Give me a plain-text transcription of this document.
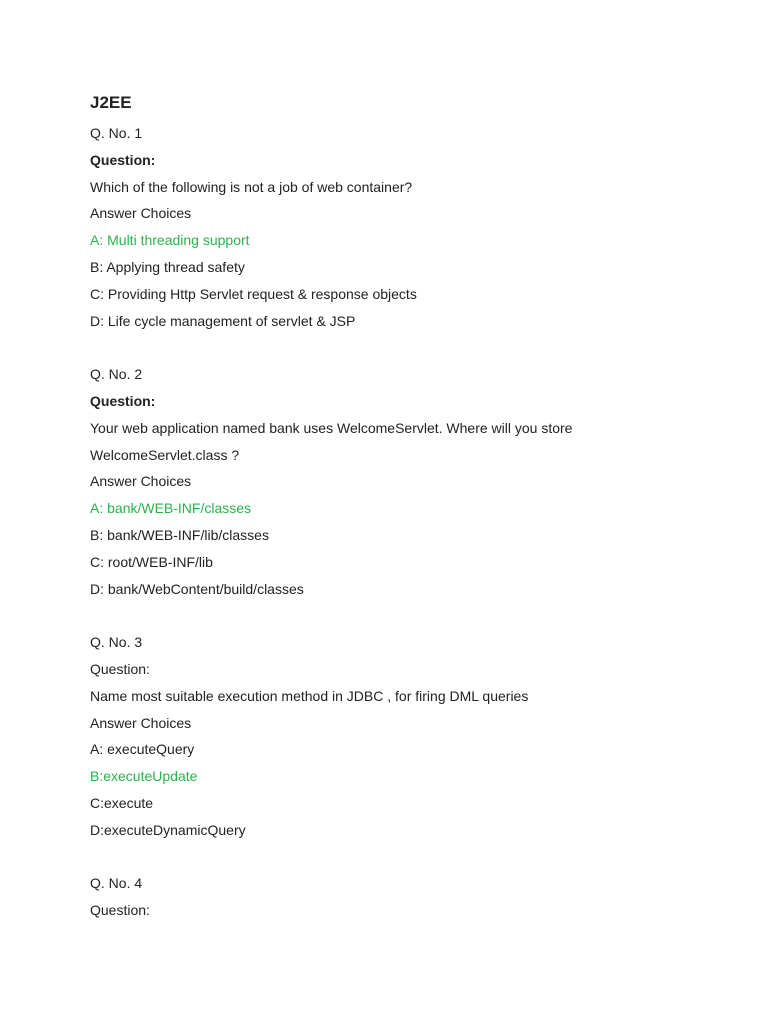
J2EE
Q. No. 1
Question:
Which of the following is not a job of web container?
Answer Choices
A: Multi threading support
B: Applying thread safety
C: Providing Http Servlet request & response objects
D: Life cycle management of servlet & JSP
Q. No. 2
Question:
Your web application named bank uses WelcomeServlet. Where will you store
WelcomeServlet.class ?
Answer Choices
A: bank/WEB-INF/classes
B: bank/WEB-INF/lib/classes
C: root/WEB-INF/lib
D: bank/WebContent/build/classes
Q. No. 3
Question:
Name most suitable execution method in JDBC , for firing DML queries
Answer Choices
A: executeQuery
B:executeUpdate
C:execute
D:executeDynamicQuery
Q. No. 4
Question:
